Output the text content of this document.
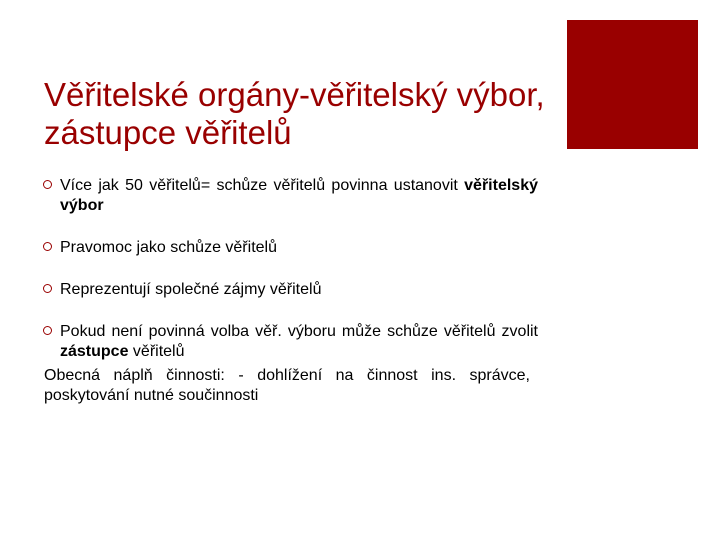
Věřitelské orgány-věřitelský výbor, zástupce věřitelů
Více jak 50 věřitelů= schůze věřitelů povinna ustanovit věřitelský výbor
Pravomoc jako schůze věřitelů
Reprezentují společné zájmy věřitelů
Pokud není povinná volba věř. výboru může schůze věřitelů zvolit zástupce věřitelů

Obecná náplň činnosti: - dohlížení na činnost ins. správce, poskytování nutné součinnosti
